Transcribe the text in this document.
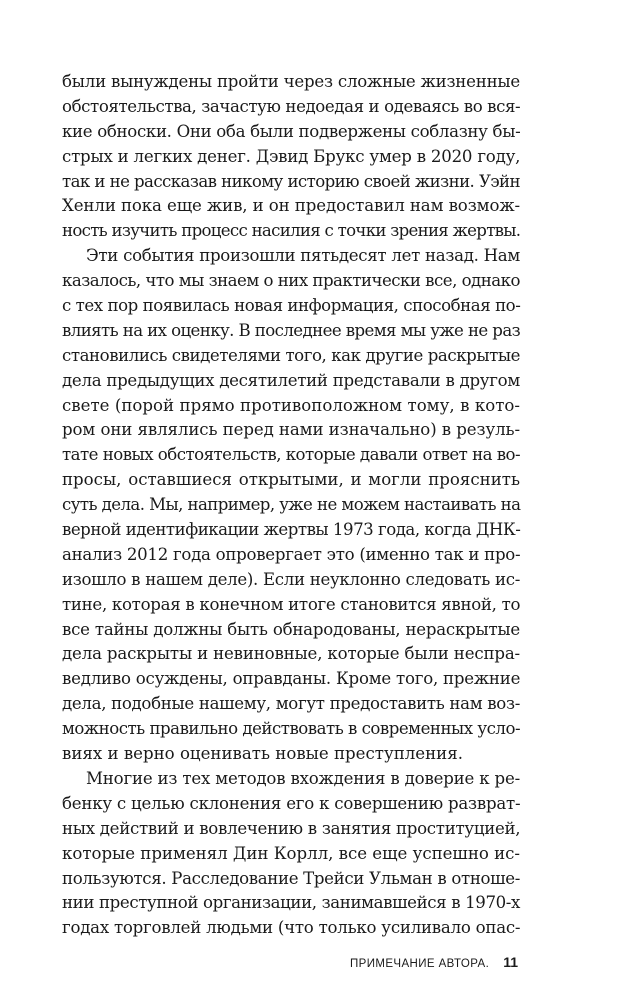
были вынуждены пройти через сложные жизненные
обстоятельства, зачастую недоедая и одеваясь во вся-
кие обноски. Они оба были подвержены соблазну бы-
стрых и легких денег. Дэвид Брукс умер в 2020 году,
так и не рассказав никому историю своей жизни. Уэйн
Хенли пока еще жив, и он предоставил нам возмож-
ность изучить процесс насилия с точки зрения жертвы.
Эти события произошли пятьдесят лет назад. Нам
казалось, что мы знаем о них практически все, однако
с тех пор появилась новая информация, способная по-
влиять на их оценку. В последнее время мы уже не раз
становились свидетелями того, как другие раскрытые
дела предыдущих десятилетий представали в другом
свете (порой прямо противоположном тому, в кото-
ром они являлись перед нами изначально) в резуль-
тате новых обстоятельств, которые давали ответ на во-
просы, оставшиеся открытыми, и могли прояснить
суть дела. Мы, например, уже не можем настаивать на
верной идентификации жертвы 1973 года, когда ДНК-
анализ 2012 года опровергает это (именно так и про-
изошло в нашем деле). Если неуклонно следовать ис-
тине, которая в конечном итоге становится явной, то
все тайны должны быть обнародованы, нераскрытые
дела раскрыты и невиновные, которые были неспра-
ведливо осуждены, оправданы. Кроме того, прежние
дела, подобные нашему, могут предоставить нам воз-
можность правильно действовать в современных усло-
виях и верно оценивать новые преступления.
Многие из тех методов вхождения в доверие к ре-
бенку с целью склонения его к совершению разврат-
ных действий и вовлечению в занятия проституцией,
которые применял Дин Корлл, все еще успешно ис-
пользуются. Расследование Трейси Ульман в отноше-
нии преступной организации, занимавшейся в 1970-х
годах торговлей людьми (что только усиливало опас-
ПРИМЕЧАНИЕ АВТОРА. 11
